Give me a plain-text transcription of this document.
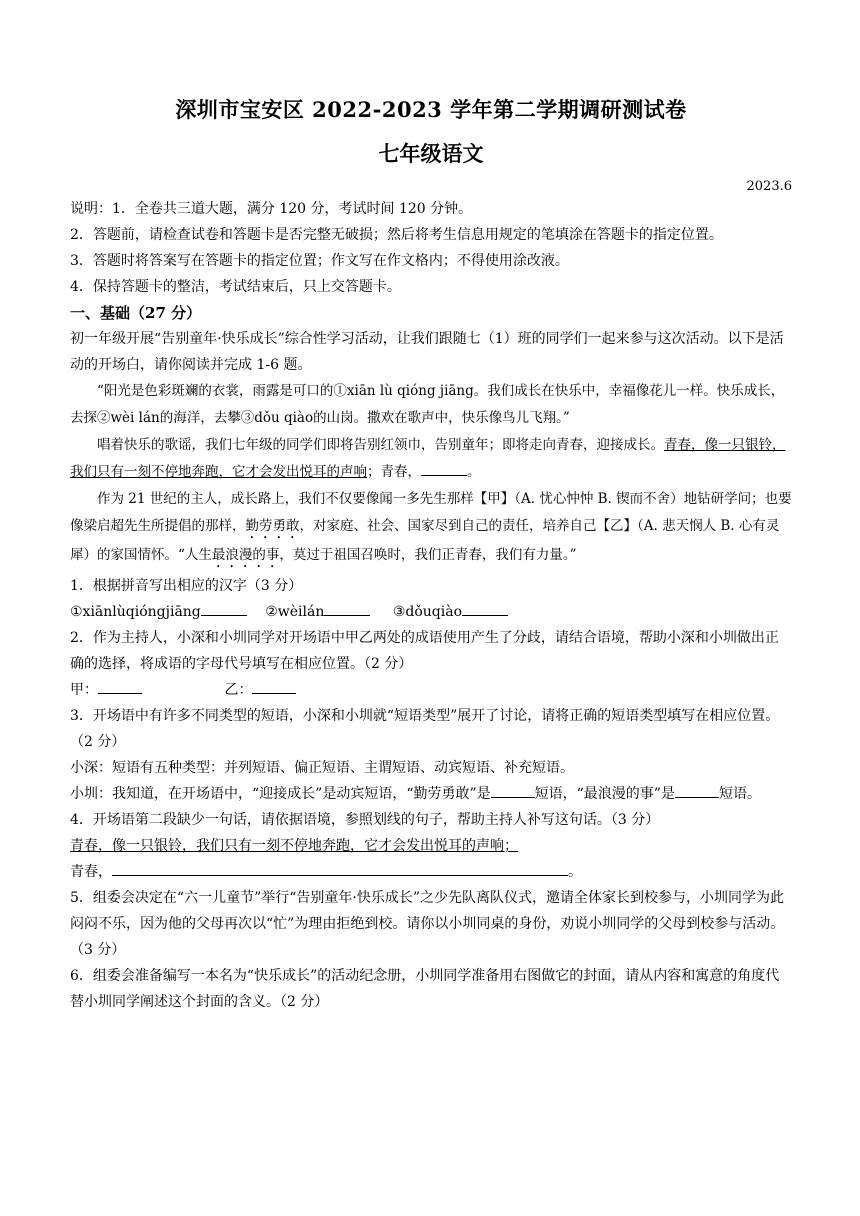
深圳市宝安区 2022-2023 学年第二学期调研测试卷
七年级语文
2023.6

说明：1．全卷共三道大题，满分 120 分，考试时间 120 分钟。

2．答题前，请检查试卷和答题卡是否完整无破损；然后将考生信息用规定的笔填涂在答题卡的指定位置。

3．答题时将答案写在答题卡的指定位置；作文写在作文格内；不得使用涂改液。

4．保持答题卡的整洁，考试结束后，只上交答题卡。

一、基础（27 分）

初一年级开展“告别童年·快乐成长”综合性学习活动，让我们跟随七（1）班的同学们一起来参与这次活动。以下是活动的开场白，请你阅读并完成 1-6 题。

“阳光是色彩斑斓的衣裳，雨露是可口的①xiān lù qióng jiāng。我们成长在快乐中，幸福像花儿一样。快乐成长，去探②wèi lán的海洋，去攀③dǒu qiào的山岗。撒欢在歌声中，快乐像鸟儿飞翔。”

唱着快乐的歌谣，我们七年级的同学们即将告别红领巾，告别童年；即将走向青春，迎接成长。青春，像一只银铃，我们只有一刻不停地奔跑，它才会发出悦耳的声响；青春，	。

作为 21 世纪的主人，成长路上，我们不仅要像闻一多先生那样【甲】（A. 忧心忡忡 B. 锲而不舍）地钻研学问；也要像梁启超先生所提倡的那样，勤劳勇敢，对家庭、社会、国家尽到自己的责任，培养自己【乙】（A. 悲天悯人 B. 心有灵犀）的家国情怀。“人生最浪漫的事，莫过于祖国召唤时，我们正青春，我们有力量。”

1．根据拼音写出相应的汉字（3 分）

①xiānlùqióngjiāng	②wèilán	③dǒuqiào

2．作为主持人，小深和小圳同学对开场语中甲乙两处的成语使用产生了分歧，请结合语境，帮助小深和小圳做出正确的选择，将成语的字母代号填写在相应位置。（2 分）

甲：	乙：

3．开场语中有许多不同类型的短语，小深和小圳就“短语类型”展开了讨论，请将正确的短语类型填写在相应位置。（2 分）

小深：短语有五种类型：并列短语、偏正短语、主谓短语、动宾短语、补充短语。

小圳：我知道，在开场语中，“迎接成长”是动宾短语，“勤劳勇敢”是	短语，“最浪漫的事”是	短语。

4．开场语第二段缺少一句话，请依据语境，参照划线的句子，帮助主持人补写这句话。（3 分）

青春，像一只银铃，我们只有一刻不停地奔跑，它才会发出悦耳的声响；

青春，	。

5．组委会决定在“六一儿童节”举行“告别童年·快乐成长”之少先队离队仪式，邀请全体家长到校参与，小圳同学为此闷闷不乐，因为他的父母再次以“忙”为理由拒绝到校。请你以小圳同桌的身份，劝说小圳同学的父母到校参与活动。（3 分）

6．组委会准备编写一本名为“快乐成长”的活动纪念册，小圳同学准备用右图做它的封面，请从内容和寓意的角度代替小圳同学阐述这个封面的含义。（2 分）
